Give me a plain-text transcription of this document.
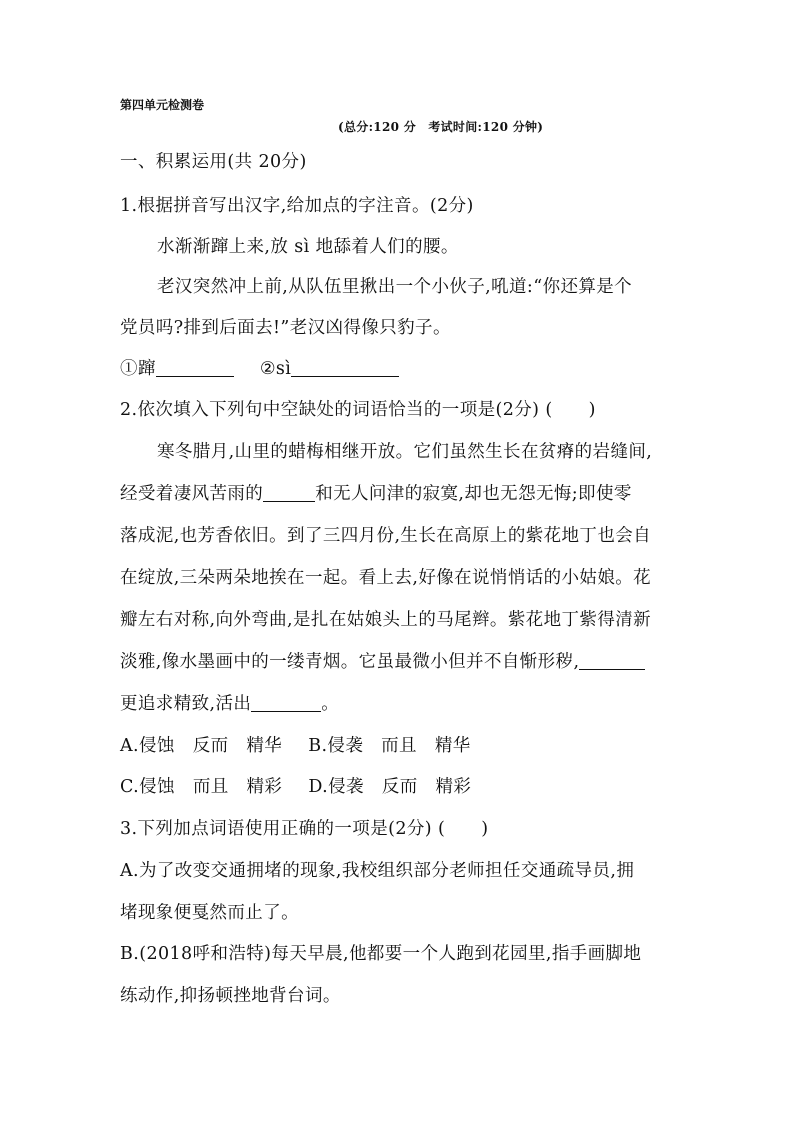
第四单元检测卷
(总分:120 分　考试时间:120 分钟)
一、积累运用(共 20分)
1.根据拼音写出汉字,给加点的字注音。(2分)
水渐渐蹿上来,放 sì 地舔着人们的腰。
老汉突然冲上前,从队伍里揪出一个小伙子,吼道:“你还算是个
党员吗?排到后面去!”老汉凶得像只豹子。
①蹿	②sì
2.依次填入下列句中空缺处的词语恰当的一项是(2分) ( )
寒冬腊月,山里的蜡梅相继开放。它们虽然生长在贫瘠的岩缝间,
经受着凄风苦雨的	和无人问津的寂寞,却也无怨无悔;即使零
落成泥,也芳香依旧。到了三四月份,生长在高原上的紫花地丁也会自
在绽放,三朵两朵地挨在一起。看上去,好像在说悄悄话的小姑娘。花
瓣左右对称,向外弯曲,是扎在姑娘头上的马尾辫。紫花地丁紫得清新
淡雅,像水墨画中的一缕青烟。它虽最微小但并不自惭形秽,
更追求精致,活出	。
A.侵蚀　反而　精华 B.侵袭　而且　精华
C.侵蚀　而且　精彩 D.侵袭　反而　精彩
3.下列加点词语使用正确的一项是(2分) ( )
A.为了改变交通拥堵的现象,我校组织部分老师担任交通疏导员,拥
堵现象便戛然而止了。
B.(2018呼和浩特)每天早晨,他都要一个人跑到花园里,指手画脚地
练动作,抑扬顿挫地背台词。
